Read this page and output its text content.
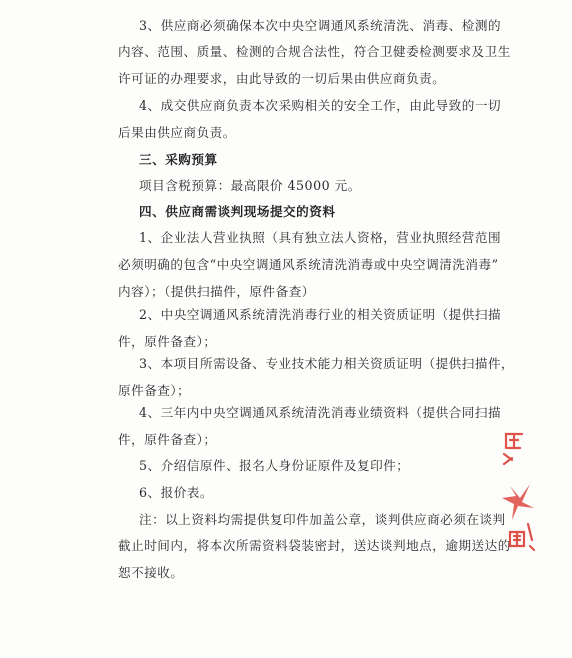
3、供应商必须确保本次中央空调通风系统清洗、消毒、检测的
内容、范围、质量、检测的合规合法性，符合卫健委检测要求及卫生
许可证的办理要求，由此导致的一切后果由供应商负责。
4、成交供应商负责本次采购相关的安全工作，由此导致的一切
后果由供应商负责。
三、采购预算
项目含税预算：最高限价 45000 元。
四、供应商需谈判现场提交的资料
1、企业法人营业执照（具有独立法人资格，营业执照经营范围
必须明确的包含“中央空调通风系统清洗消毒或中央空调清洗消毒”
内容）；（提供扫描件，原件备查）
2、中央空调通风系统清洗消毒行业的相关资质证明（提供扫描
件，原件备查）；
3、本项目所需设备、专业技术能力相关资质证明（提供扫描件，
原件备查）；
4、三年内中央空调通风系统清洗消毒业绩资料（提供合同扫描
件，原件备查）；
5、介绍信原件、报名人身份证原件及复印件；
6、报价表。
注：以上资料均需提供复印件加盖公章，谈判供应商必须在谈判
截止时间内，将本次所需资料袋装密封，送达谈判地点，逾期送达的
恕不接收。
